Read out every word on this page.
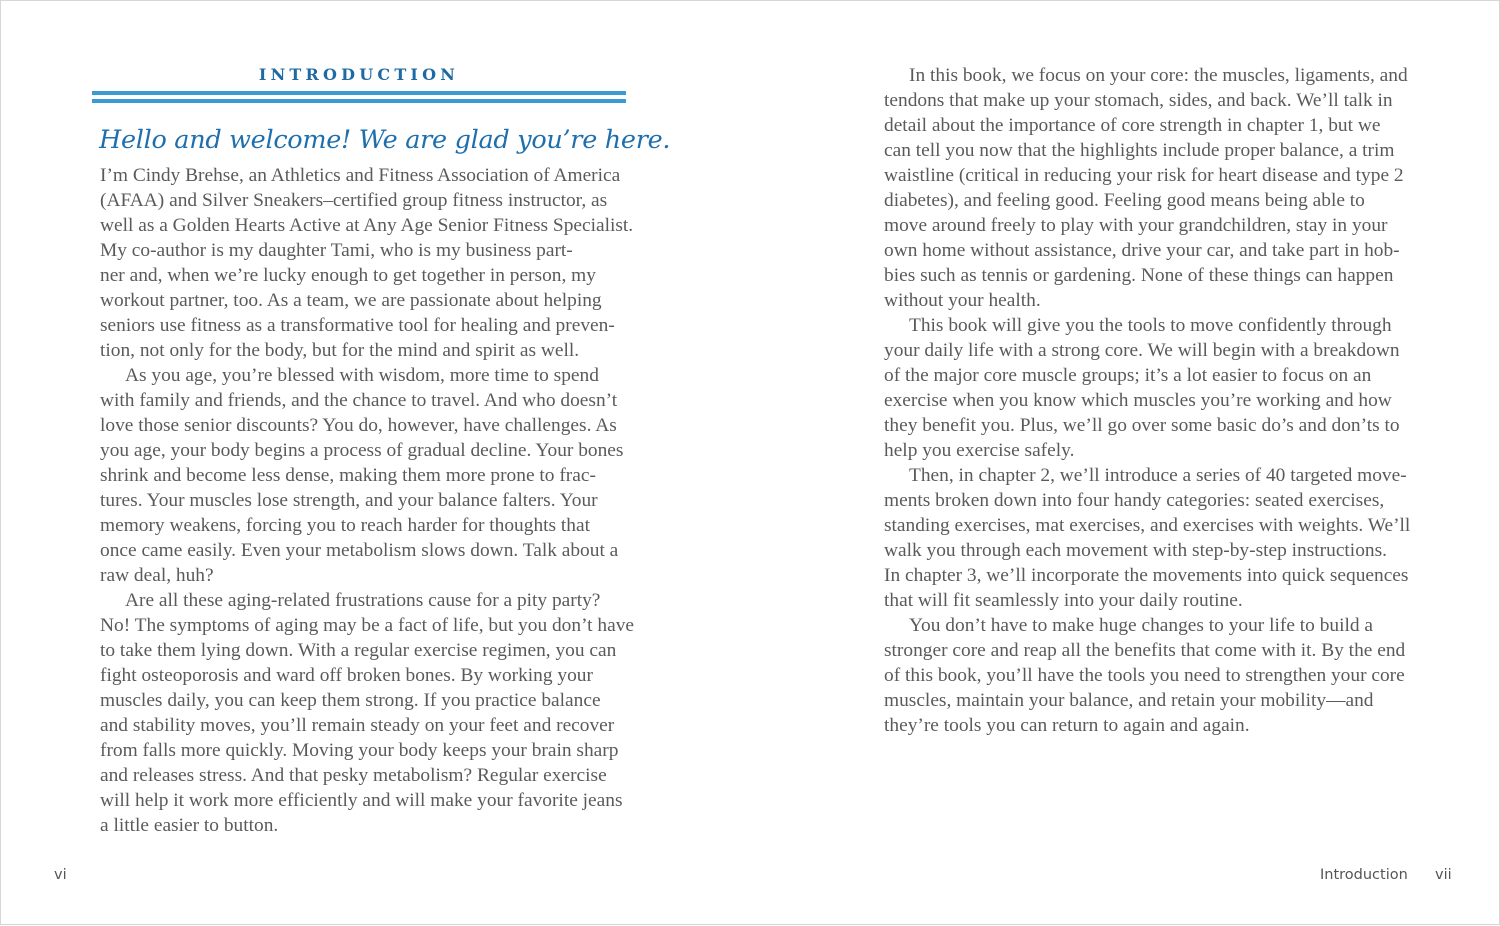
INTRODUCTION
Hello and welcome! We are glad you’re here.

I’m Cindy Brehse, an Athletics and Fitness Association of America
(AFAA) and Silver Sneakers–certified group fitness instructor, as
well as a Golden Hearts Active at Any Age Senior Fitness Specialist.
My co-author is my daughter Tami, who is my business part-
ner and, when we’re lucky enough to get together in person, my
workout partner, too. As a team, we are passionate about helping
seniors use fitness as a transformative tool for healing and preven-
tion, not only for the body, but for the mind and spirit as well.

As you age, you’re blessed with wisdom, more time to spend
with family and friends, and the chance to travel. And who doesn’t
love those senior discounts? You do, however, have challenges. As
you age, your body begins a process of gradual decline. Your bones
shrink and become less dense, making them more prone to frac-
tures. Your muscles lose strength, and your balance falters. Your
memory weakens, forcing you to reach harder for thoughts that
once came easily. Even your metabolism slows down. Talk about a
raw deal, huh?

Are all these aging-related frustrations cause for a pity party?
No! The symptoms of aging may be a fact of life, but you don’t have
to take them lying down. With a regular exercise regimen, you can
fight osteoporosis and ward off broken bones. By working your
muscles daily, you can keep them strong. If you practice balance
and stability moves, you’ll remain steady on your feet and recover
from falls more quickly. Moving your body keeps your brain sharp
and releases stress. And that pesky metabolism? Regular exercise
will help it work more efficiently and will make your favorite jeans
a little easier to button.

vi

In this book, we focus on your core: the muscles, ligaments, and
tendons that make up your stomach, sides, and back. We’ll talk in
detail about the importance of core strength in chapter 1, but we
can tell you now that the highlights include proper balance, a trim
waistline (critical in reducing your risk for heart disease and type 2
diabetes), and feeling good. Feeling good means being able to
move around freely to play with your grandchildren, stay in your
own home without assistance, drive your car, and take part in hob-
bies such as tennis or gardening. None of these things can happen
without your health.

This book will give you the tools to move confidently through
your daily life with a strong core. We will begin with a breakdown
of the major core muscle groups; it’s a lot easier to focus on an
exercise when you know which muscles you’re working and how
they benefit you. Plus, we’ll go over some basic do’s and don’ts to
help you exercise safely.

Then, in chapter 2, we’ll introduce a series of 40 targeted move-
ments broken down into four handy categories: seated exercises,
standing exercises, mat exercises, and exercises with weights. We’ll
walk you through each movement with step-by-step instructions.
In chapter 3, we’ll incorporate the movements into quick sequences
that will fit seamlessly into your daily routine.

You don’t have to make huge changes to your life to build a
stronger core and reap all the benefits that come with it. By the end
of this book, you’ll have the tools you need to strengthen your core
muscles, maintain your balance, and retain your mobility—and
they’re tools you can return to again and again.

Introduction vii
